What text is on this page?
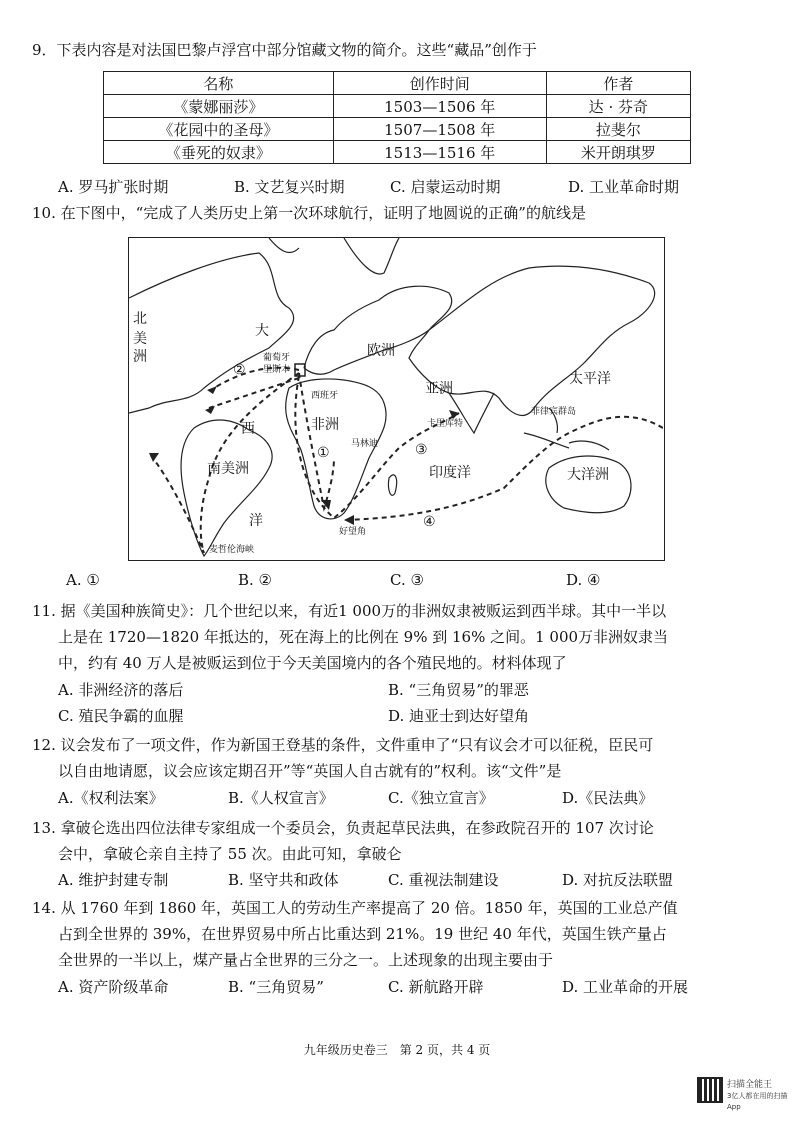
9．下表内容是对法国巴黎卢浮宫中部分馆藏文物的简介。这些“藏品”创作于
名称	创作时间	作者
《蒙娜丽莎》	1503—1506 年	达 · 芬奇
《花园中的圣母》	1507—1508 年	拉斐尔
《垂死的奴隶》	1513—1516 年	米开朗琪罗
A. 罗马扩张时期	B. 文艺复兴时期	C. 启蒙运动时期	D. 工业革命时期
10. 在下图中，“完成了人类历史上第一次环球航行，证明了地圆说的正确”的航线是
北
美
洲
大
西
洋
欧洲
葡萄牙
里斯本
西班牙
非洲
亚洲
太平洋
菲律宾群岛
卡里库特
马林迪
印度洋	大洋洲
南美洲
好望角
麦哲伦海峡
①
②
③
④
A. ①	B. ②	C. ③	D. ④
11. 据《美国种族简史》：几个世纪以来，有近1 000万的非洲奴隶被贩运到西半球。其中一半以
上是在 1720—1820 年抵达的，死在海上的比例在 9% 到 16% 之间。1 000万非洲奴隶当
中，约有 40 万人是被贩运到位于今天美国境内的各个殖民地的。材料体现了
A. 非洲经济的落后	B. “三角贸易”的罪恶
C. 殖民争霸的血腥	D. 迪亚士到达好望角
12. 议会发布了一项文件，作为新国王登基的条件，文件重申了“只有议会才可以征税，臣民可
以自由地请愿，议会应该定期召开”等“英国人自古就有的”权利。该“文件”是
A.《权利法案》	B.《人权宣言》	C.《独立宣言》	D.《民法典》
13. 拿破仑选出四位法律专家组成一个委员会，负责起草民法典，在参政院召开的 107 次讨论
会中，拿破仑亲自主持了 55 次。由此可知，拿破仑
A. 维护封建专制	B. 坚守共和政体	C. 重视法制建设	D. 对抗反法联盟
14. 从 1760 年到 1860 年，英国工人的劳动生产率提高了 20 倍。1850 年，英国的工业总产值
占到全世界的 39%，在世界贸易中所占比重达到 21%。19 世纪 40 年代，英国生铁产量占
全世界的一半以上，煤产量占全世界的三分之一。上述现象的出现主要由于
A. 资产阶级革命	B. “三角贸易”	C. 新航路开辟	D. 工业革命的开展
九年级历史卷三　第 2 页，共 4 页
扫描全能王
3亿人都在用的扫描App
